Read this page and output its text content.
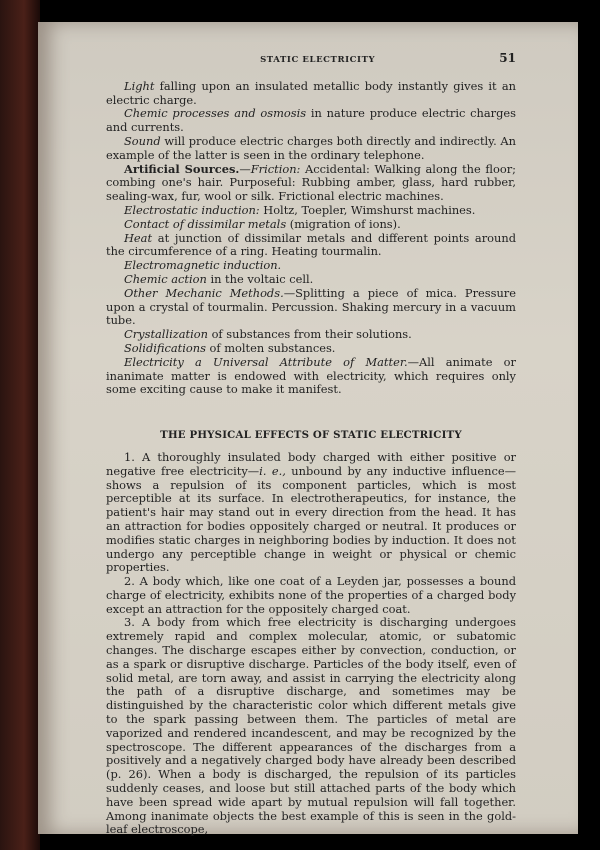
STATIC ELECTRICITY	51

Light falling upon an insulated metallic body instantly gives it an electric charge.

Chemic processes and osmosis in nature produce electric charges and currents.

Sound will produce electric charges both directly and indirectly. An example of the latter is seen in the ordinary telephone.

Artificial Sources.—Friction: Accidental: Walking along the floor; combing one's hair. Purposeful: Rubbing amber, glass, hard rubber, sealing-wax, fur, wool or silk. Frictional electric machines.

Electrostatic induction: Holtz, Toepler, Wimshurst machines.

Contact of dissimilar metals (migration of ions).

Heat at junction of dissimilar metals and different points around the circumference of a ring. Heating tourmalin.

Electromagnetic induction.

Chemic action in the voltaic cell.

Other Mechanic Methods.—Splitting a piece of mica. Pressure upon a crystal of tourmalin. Percussion. Shaking mercury in a vacuum tube.

Crystallization of substances from their solutions.

Solidifications of molten substances.

Electricity a Universal Attribute of Matter.—All animate or inanimate matter is endowed with electricity, which requires only some exciting cause to make it manifest.

THE PHYSICAL EFFECTS OF STATIC ELECTRICITY

1. A thoroughly insulated body charged with either positive or negative free electricity—i. e., unbound by any inductive influence—shows a repulsion of its component particles, which is most perceptible at its surface. In electrotherapeutics, for instance, the patient's hair may stand out in every direction from the head. It has an attraction for bodies oppositely charged or neutral. It produces or modifies static charges in neighboring bodies by induction. It does not undergo any perceptible change in weight or physical or chemic properties.

2. A body which, like one coat of a Leyden jar, possesses a bound charge of electricity, exhibits none of the properties of a charged body except an attraction for the oppositely charged coat.

3. A body from which free electricity is discharging undergoes extremely rapid and complex molecular, atomic, or subatomic changes. The discharge escapes either by convection, conduction, or as a spark or disruptive discharge. Particles of the body itself, even of solid metal, are torn away, and assist in carrying the electricity along the path of a disruptive discharge, and sometimes may be distinguished by the characteristic color which different metals give to the spark passing between them. The particles of metal are vaporized and rendered incandescent, and may be recognized by the spectroscope. The different appearances of the discharges from a positively and a negatively charged body have already been described (p. 26). When a body is discharged, the repulsion of its particles suddenly ceases, and loose but still attached parts of the body which have been spread wide apart by mutual repulsion will fall together. Among inanimate objects the best example of this is seen in the gold-leaf electroscope,
